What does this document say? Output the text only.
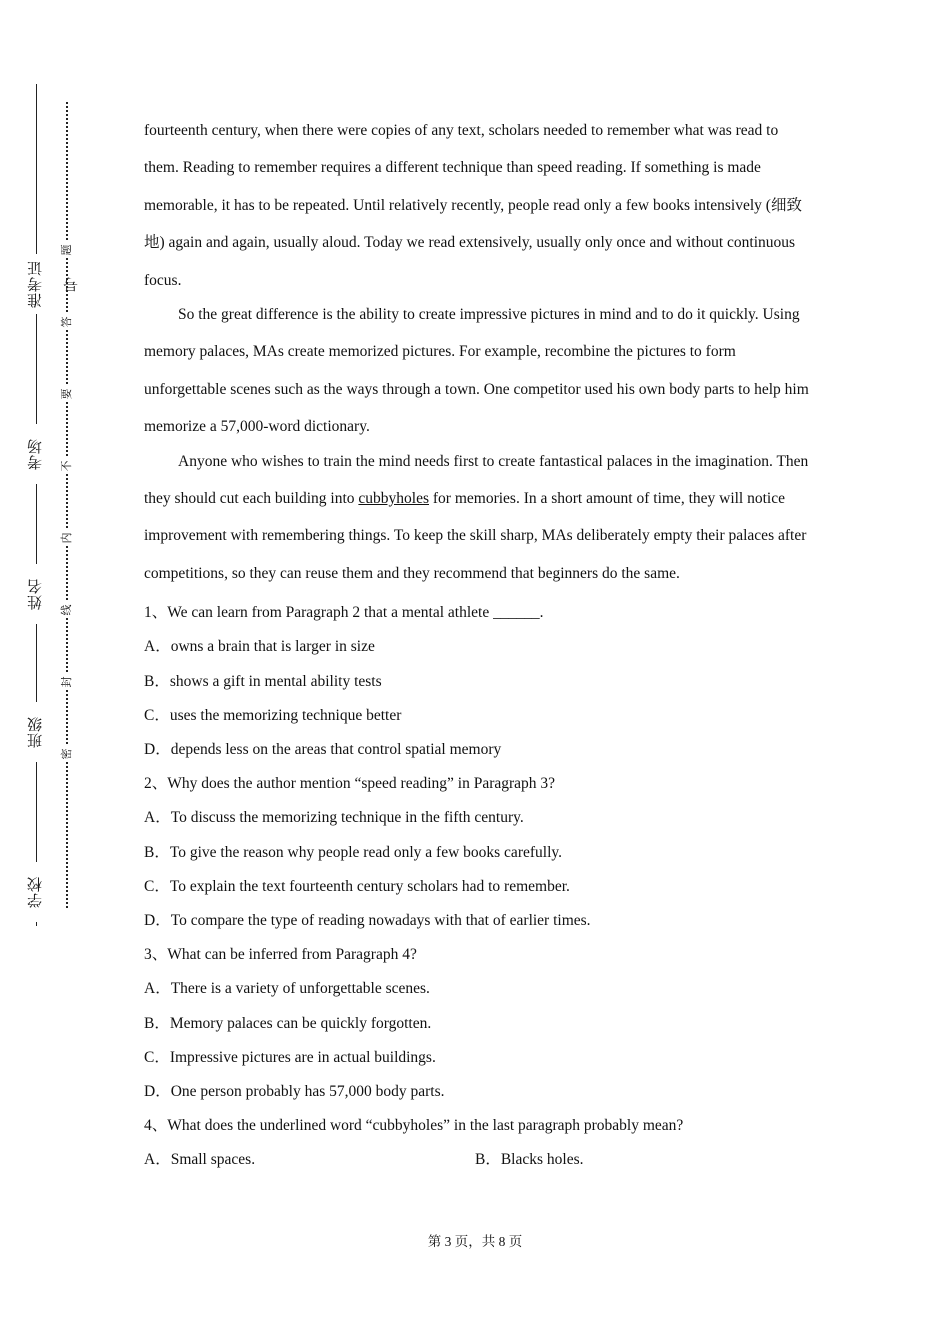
准考证号
考场
姓名
班级
学校
题
答
要
不
内
线
封
密

fourteenth century, when there were copies of any text, scholars needed to remember what was read to them. Reading to remember requires a different technique than speed reading. If something is made memorable, it has to be repeated. Until relatively recently, people read only a few books intensively (细致地) again and again, usually aloud. Today we read extensively, usually only once and without continuous focus.

So the great difference is the ability to create impressive pictures in mind and to do it quickly. Using memory palaces, MAs create memorized pictures. For example, recombine the pictures to form unforgettable scenes such as the ways through a town. One competitor used his own body parts to help him memorize a 57,000-word dictionary.

Anyone who wishes to train the mind needs first to create fantastical palaces in the imagination. Then they should cut each building into cubbyholes for memories. In a short amount of time, they will notice improvement with remembering things. To keep the skill sharp, MAs deliberately empty their palaces after competitions, so they can reuse them and they recommend that beginners do the same.

1、We can learn from Paragraph 2 that a mental athlete ______.
A．owns a brain that is larger in size
B．shows a gift in mental ability tests
C．uses the memorizing technique better
D．depends less on the areas that control spatial memory
2、Why does the author mention “speed reading” in Paragraph 3?
A．To discuss the memorizing technique in the fifth century.
B．To give the reason why people read only a few books carefully.
C．To explain the text fourteenth century scholars had to remember.
D．To compare the type of reading nowadays with that of earlier times.
3、What can be inferred from Paragraph 4?
A．There is a variety of unforgettable scenes.
B．Memory palaces can be quickly forgotten.
C．Impressive pictures are in actual buildings.
D．One person probably has 57,000 body parts.
4、What does the underlined word “cubbyholes” in the last paragraph probably mean?
A．Small spaces.	B．Blacks holes.
第 3 页，共 8 页
